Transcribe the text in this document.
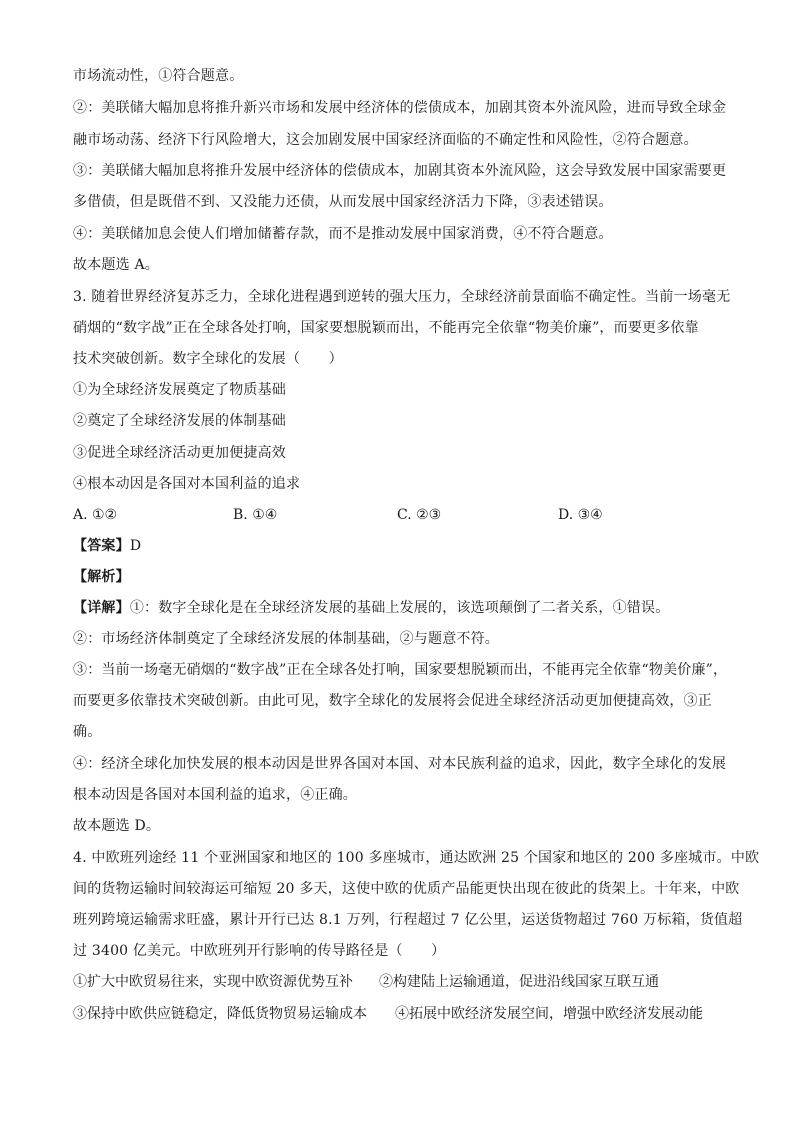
市场流动性，①符合题意。
②：美联储大幅加息将推升新兴市场和发展中经济体的偿债成本，加剧其资本外流风险，进而导致全球金
融市场动荡、经济下行风险增大，这会加剧发展中国家经济面临的不确定性和风险性，②符合题意。
③：美联储大幅加息将推升发展中经济体的偿债成本，加剧其资本外流风险，这会导致发展中国家需要更
多借债，但是既借不到、又没能力还债，从而发展中国家经济活力下降，③表述错误。
④：美联储加息会使人们增加储蓄存款，而不是推动发展中国家消费，④不符合题意。
故本题选 A。
3. 随着世界经济复苏乏力，全球化进程遇到逆转的强大压力，全球经济前景面临不确定性。当前一场毫无
硝烟的“数字战”正在全球各处打响，国家要想脱颖而出，不能再完全依靠“物美价廉”，而要更多依靠
技术突破创新。数字全球化的发展（　　）
①为全球经济发展奠定了物质基础
②奠定了全球经济发展的体制基础
③促进全球经济活动更加便捷高效
④根本动因是各国对本国利益的追求
A. ①②	B. ①④	C. ②③	D. ③④
【答案】D
【解析】
【详解】①：数字全球化是在全球经济发展的基础上发展的，该选项颠倒了二者关系，①错误。
②：市场经济体制奠定了全球经济发展的体制基础，②与题意不符。
③：当前一场毫无硝烟的“数字战”正在全球各处打响，国家要想脱颖而出，不能再完全依靠“物美价廉”，
而要更多依靠技术突破创新。由此可见，数字全球化的发展将会促进全球经济活动更加便捷高效，③正
确。
④：经济全球化加快发展的根本动因是世界各国对本国、对本民族利益的追求，因此，数字全球化的发展
根本动因是各国对本国利益的追求，④正确。
故本题选 D。
4. 中欧班列途经 11 个亚洲国家和地区的 100 多座城市，通达欧洲 25 个国家和地区的 200 多座城市。中欧
间的货物运输时间较海运可缩短 20 多天，这使中欧的优质产品能更快出现在彼此的货架上。十年来，中欧
班列跨境运输需求旺盛，累计开行已达 8.1 万列，行程超过 7 亿公里，运送货物超过 760 万标箱，货值超
过 3400 亿美元。中欧班列开行影响的传导路径是（　　）
①扩大中欧贸易往来，实现中欧资源优势互补 ②构建陆上运输通道，促进沿线国家互联互通
③保持中欧供应链稳定，降低货物贸易运输成本 ④拓展中欧经济发展空间，增强中欧经济发展动能
